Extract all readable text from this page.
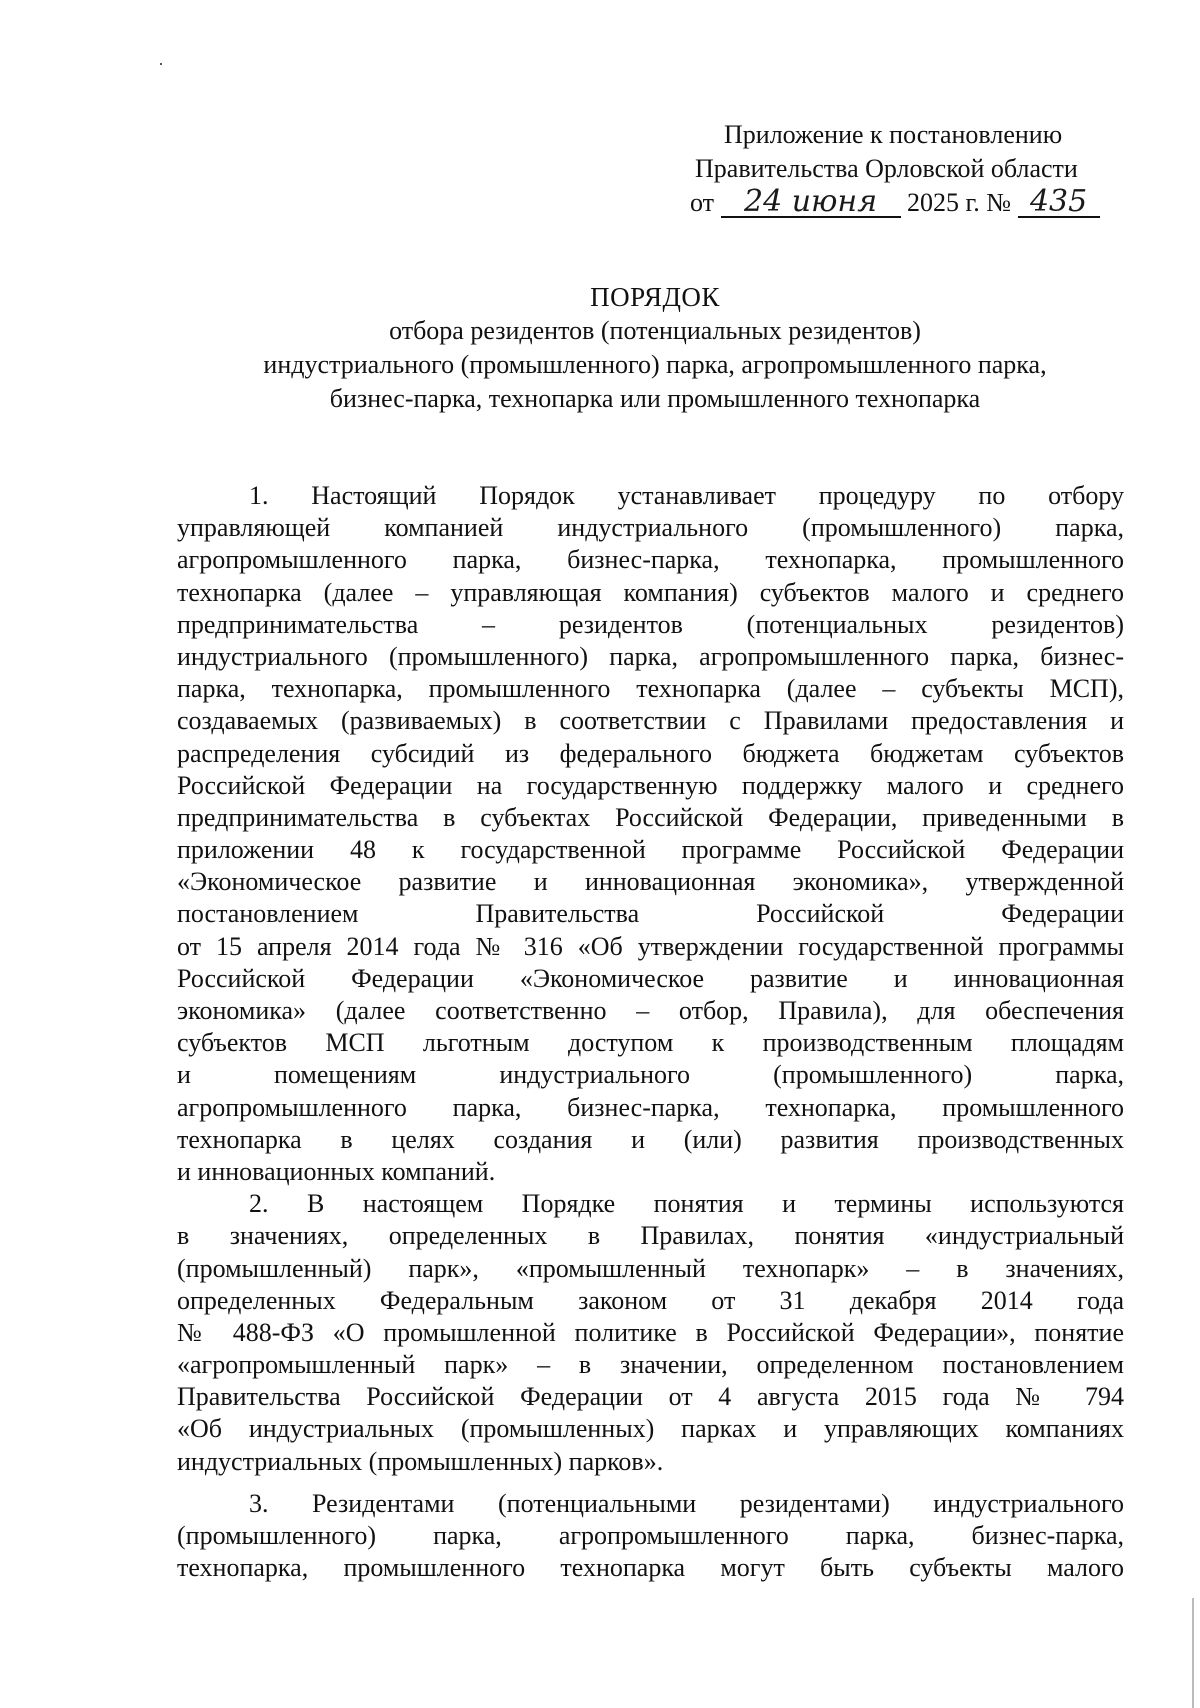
Приложение к постановлению
Правительства Орловской области
от 24 июня 2025 г. № 435
ПОРЯДОК
отбора резидентов (потенциальных резидентов)
индустриального (промышленного) парка, агропромышленного парка,
бизнес-парка, технопарка или промышленного технопарка
1. Настоящий Порядок устанавливает процедуру по отбору
управляющей компанией индустриального (промышленного) парка,
агропромышленного парка, бизнес-парка, технопарка, промышленного
технопарка (далее – управляющая компания) субъектов малого и среднего
предпринимательства – резидентов (потенциальных резидентов)
индустриального (промышленного) парка, агропромышленного парка, бизнес-
парка, технопарка, промышленного технопарка (далее – субъекты МСП),
создаваемых (развиваемых) в соответствии с Правилами предоставления и
распределения субсидий из федерального бюджета бюджетам субъектов
Российской Федерации на государственную поддержку малого и среднего
предпринимательства в субъектах Российской Федерации, приведенными в
приложении 48 к государственной программе Российской Федерации
«Экономическое развитие и инновационная экономика», утвержденной
постановлением Правительства Российской Федерации
от 15 апреля 2014 года № 316 «Об утверждении государственной программы
Российской Федерации «Экономическое развитие и инновационная
экономика» (далее соответственно – отбор, Правила), для обеспечения
субъектов МСП льготным доступом к производственным площадям
и помещениям индустриального (промышленного) парка,
агропромышленного парка, бизнес-парка, технопарка, промышленного
технопарка в целях создания и (или) развития производственных
и инновационных компаний.
2. В настоящем Порядке понятия и термины используются
в значениях, определенных в Правилах, понятия «индустриальный
(промышленный) парк», «промышленный технопарк» – в значениях,
определенных Федеральным законом от 31 декабря 2014 года
№ 488-ФЗ «О промышленной политике в Российской Федерации», понятие
«агропромышленный парк» – в значении, определенном постановлением
Правительства Российской Федерации от 4 августа 2015 года № 794
«Об индустриальных (промышленных) парках и управляющих компаниях
индустриальных (промышленных) парков».
3. Резидентами (потенциальными резидентами) индустриального
(промышленного) парка, агропромышленного парка, бизнес-парка,
технопарка, промышленного технопарка могут быть субъекты малого
